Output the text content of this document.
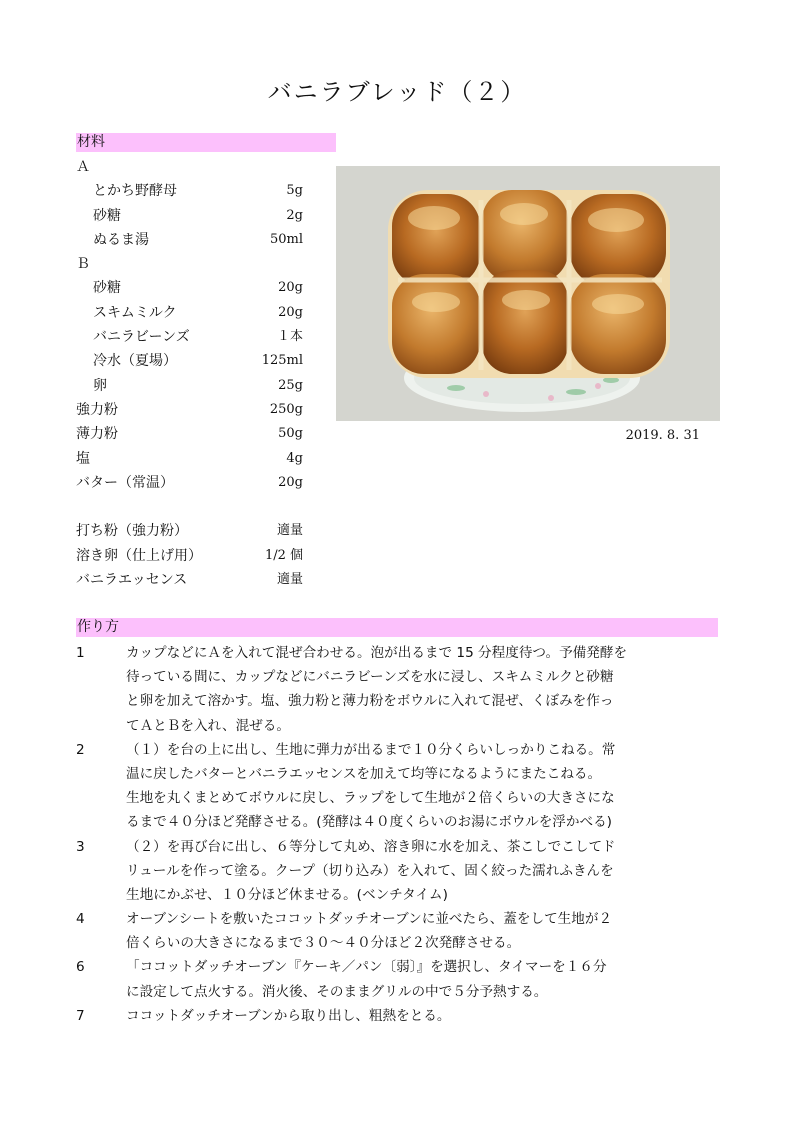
バニラブレッド（２）
材料
Ａ
とかち野酵母	5g
砂糖	2g
ぬるま湯	50ml
Ｂ
砂糖	20g
スキムミルク	20g
バニラビーンズ	１本
冷水（夏場）	125ml
卵	25g
強力粉	250g
薄力粉	50g
塩	4g
バター（常温）	20g
打ち粉（強力粉）	適量
溶き卵（仕上げ用）	1/2 個
バニラエッセンス	適量
2019. 8. 31
作り方
1	カップなどにＡを入れて混ぜ合わせる。泡が出るまで 15 分程度待つ。予備発酵を
待っている間に、カップなどにバニラビーンズを水に浸し、スキムミルクと砂糖
と卵を加えて溶かす。塩、強力粉と薄力粉をボウルに入れて混ぜ、くぼみを作っ
てＡとＢを入れ、混ぜる。
2	（１）を台の上に出し、生地に弾力が出るまで１０分くらいしっかりこねる。常
温に戻したバターとバニラエッセンスを加えて均等になるようにまたこねる。
生地を丸くまとめてボウルに戻し、ラップをして生地が２倍くらいの大きさにな
るまで４０分ほど発酵させる。(発酵は４０度くらいのお湯にボウルを浮かべる)
3	（２）を再び台に出し、６等分して丸め、溶き卵に水を加え、茶こしでこしてド
リュールを作って塗る。クープ（切り込み）を入れて、固く絞った濡れふきんを
生地にかぶせ、１０分ほど休ませる。(ベンチタイム)
4	オーブンシートを敷いたココットダッチオーブンに並べたら、蓋をして生地が２
倍くらいの大きさになるまで３０～４０分ほど２次発酵させる。
6	「ココットダッチオーブン『ケーキ／パン〔弱〕』を選択し、タイマーを１６分
に設定して点火する。消火後、そのままグリルの中で５分予熱する。
7	ココットダッチオーブンから取り出し、粗熱をとる。
